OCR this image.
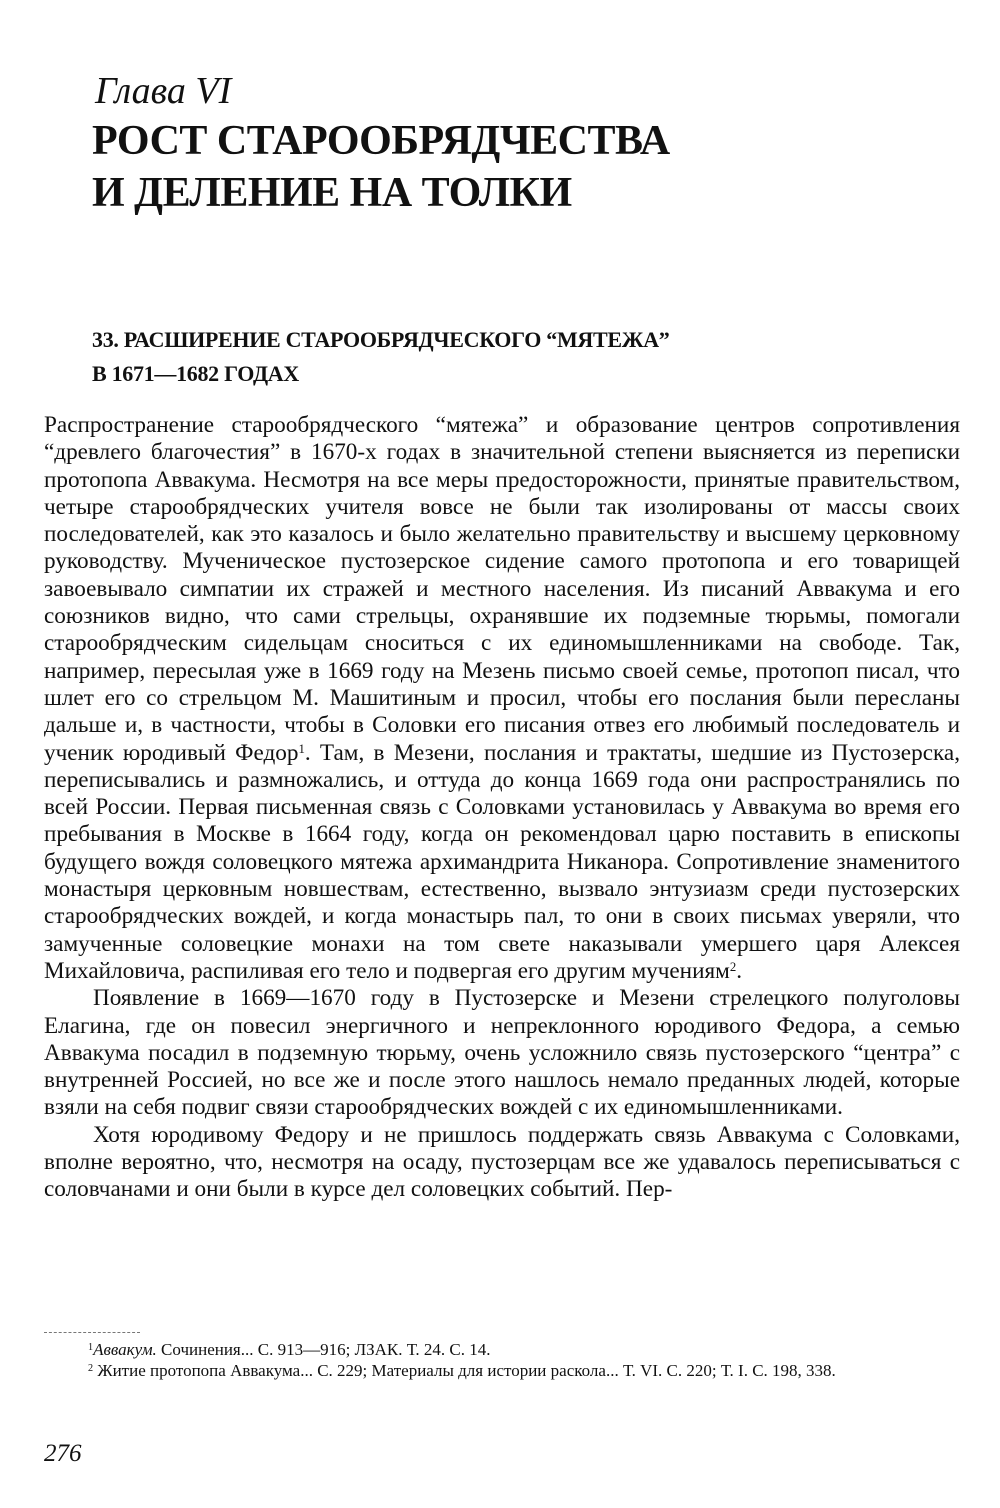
Глава VI
РОСТ СТАРООБРЯДЧЕСТВА
И ДЕЛЕНИЕ НА ТОЛКИ
33. РАСШИРЕНИЕ СТАРООБРЯДЧЕСКОГО “МЯТЕЖА”
В 1671—1682 ГОДАХ

Распространение старообрядческого “мятежа” и образование центров сопротивления “древлего благочестия” в 1670-х годах в значительной степени выясняется из переписки протопопа Аввакума. Несмотря на все меры предосторожности, принятые правительством, четыре старообрядческих учителя вовсе не были так изолированы от массы своих последователей, как это казалось и было желательно правительству и высшему церковному руководству. Мученическое пустозерское сидение самого протопопа и его товарищей завоевывало симпатии их стражей и местного населения. Из писаний Аввакума и его союзников видно, что сами стрельцы, охранявшие их подземные тюрьмы, помогали старообрядческим сидельцам сноситься с их единомышленниками на свободе. Так, например, пересылая уже в 1669 году на Мезень письмо своей семье, протопоп писал, что шлет его со стрельцом М. Машитиным и просил, чтобы его послания были пересланы дальше и, в частности, чтобы в Соловки его писания отвез его любимый последователь и ученик юродивый Федор$^1$. Там, в Мезени, послания и трактаты, шедшие из Пустозерска, переписывались и размножались, и оттуда до конца 1669 года они распространялись по всей России. Первая письменная связь с Соловками установилась у Аввакума во время его пребывания в Москве в 1664 году, когда он рекомендовал царю поставить в епископы будущего вождя соловецкого мятежа архимандрита Никанора. Сопротивление знаменитого монастыря церковным новшествам, естественно, вызвало энтузиазм среди пустозерских старообрядческих вождей, и когда монастырь пал, то они в своих письмах уверяли, что замученные соловецкие монахи на том свете наказывали умершего царя Алексея Михайловича, распиливая его тело и подвергая его другим мучениям$^2$.

Появление в 1669—1670 году в Пустозерске и Мезени стрелецкого полуголовы Елагина, где он повесил энергичного и непреклонного юродивого Федора, а семью Аввакума посадил в подземную тюрьму, очень усложнило связь пустозерского “центра” с внутренней Россией, но все же и после этого нашлось немало преданных людей, которые взяли на себя подвиг связи старообрядческих вождей с их единомышленниками.

Хотя юродивому Федору и не пришлось поддержать связь Аввакума с Соловками, вполне вероятно, что, несмотря на осаду, пустозерцам все же удавалось переписываться с соловчанами и они были в курсе дел соловецких событий. Пер-

$^1$Аввакум. Сочинения... С. 913—916; ЛЗАК. Т. 24. С. 14.

$^2$ Житие протопопа Аввакума... С. 229; Материалы для истории раскола... Т. VI. С. 220; Т. I. С. 198, 338.

276
